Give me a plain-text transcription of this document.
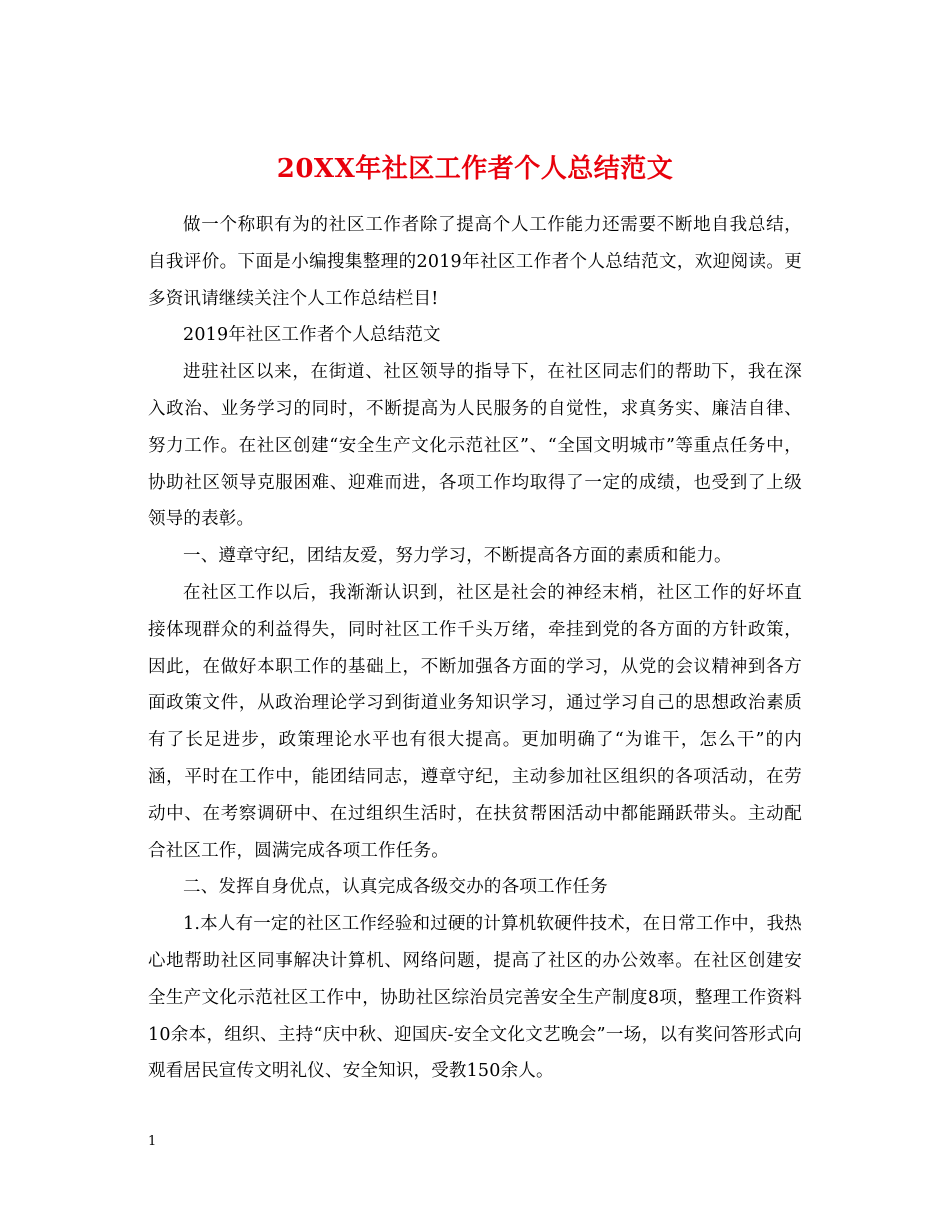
20XX年社区工作者个人总结范文

做一个称职有为的社区工作者除了提高个人工作能力还需要不断地自我总结，自我评价。下面是小编搜集整理的2019年社区工作者个人总结范文，欢迎阅读。更多资讯请继续关注个人工作总结栏目!

2019年社区工作者个人总结范文

进驻社区以来，在街道、社区领导的指导下，在社区同志们的帮助下，我在深入政治、业务学习的同时，不断提高为人民服务的自觉性，求真务实、廉洁自律、努力工作。在社区创建“安全生产文化示范社区”、“全国文明城市”等重点任务中，协助社区领导克服困难、迎难而进，各项工作均取得了一定的成绩，也受到了上级领导的表彰。

一、遵章守纪，团结友爱，努力学习，不断提高各方面的素质和能力。

在社区工作以后，我渐渐认识到，社区是社会的神经末梢，社区工作的好坏直接体现群众的利益得失，同时社区工作千头万绪，牵挂到党的各方面的方针政策，因此，在做好本职工作的基础上，不断加强各方面的学习，从党的会议精神到各方面政策文件，从政治理论学习到街道业务知识学习，通过学习自己的思想政治素质有了长足进步，政策理论水平也有很大提高。更加明确了“为谁干，怎么干”的内涵，平时在工作中，能团结同志，遵章守纪，主动参加社区组织的各项活动，在劳动中、在考察调研中、在过组织生活时，在扶贫帮困活动中都能踊跃带头。主动配合社区工作，圆满完成各项工作任务。

二、发挥自身优点，认真完成各级交办的各项工作任务

1.本人有一定的社区工作经验和过硬的计算机软硬件技术，在日常工作中，我热心地帮助社区同事解决计算机、网络问题，提高了社区的办公效率。在社区创建安全生产文化示范社区工作中，协助社区综治员完善安全生产制度8项，整理工作资料10余本，组织、主持“庆中秋、迎国庆-安全文化文艺晚会”一场，以有奖问答形式向观看居民宣传文明礼仪、安全知识，受教150余人。

1
